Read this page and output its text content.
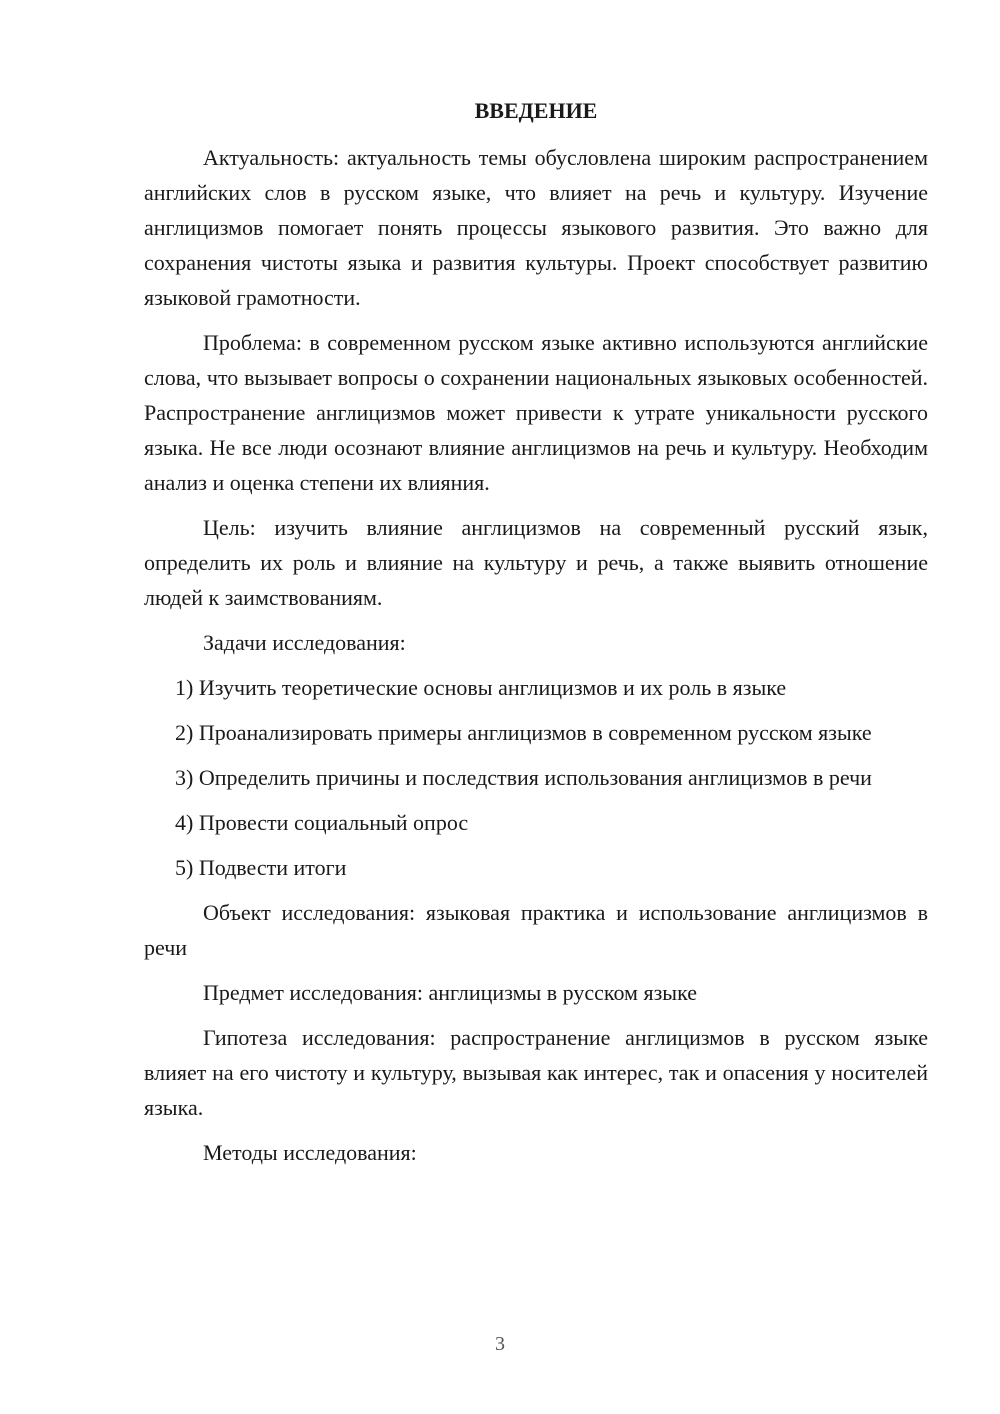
ВВЕДЕНИЕ

Актуальность: актуальность темы обусловлена широким распространением английских слов в русском языке, что влияет на речь и культуру. Изучение англицизмов помогает понять процессы языкового развития. Это важно для сохранения чистоты языка и развития культуры. Проект способствует развитию языковой грамотности.

Проблема: в современном русском языке активно используются английские слова, что вызывает вопросы о сохранении национальных языковых особенностей. Распространение англицизмов может привести к утрате уникальности русского языка. Не все люди осознают влияние англицизмов на речь и культуру. Необходим анализ и оценка степени их влияния.

Цель: изучить влияние англицизмов на современный русский язык, определить их роль и влияние на культуру и речь, а также выявить отношение людей к заимствованиям.

Задачи исследования:

1) Изучить теоретические основы англицизмов и их роль в языке

2) Проанализировать примеры англицизмов в современном русском языке

3) Определить причины и последствия использования англицизмов в речи

4) Провести социальный опрос

5) Подвести итоги

Объект исследования: языковая практика и использование англицизмов в речи

Предмет исследования: англицизмы в русском языке

Гипотеза исследования: распространение англицизмов в русском языке влияет на его чистоту и культуру, вызывая как интерес, так и опасения у носителей языка.

Методы исследования:

3
